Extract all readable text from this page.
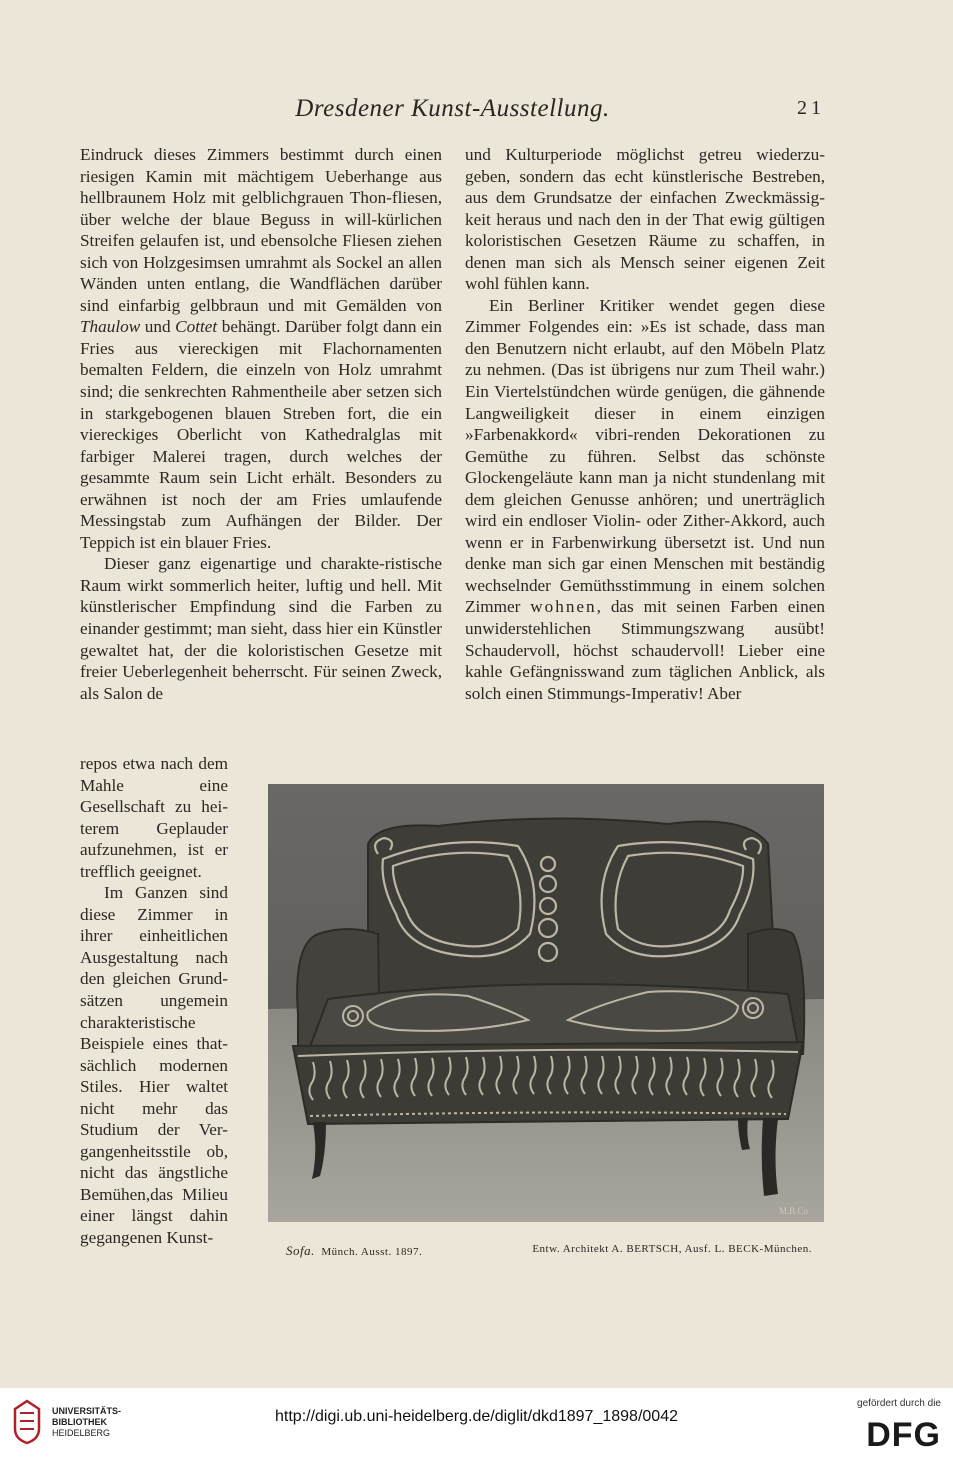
Dresdener Kunst-Ausstellung.	21

Eindruck dieses Zimmers bestimmt durch einen riesigen Kamin mit mächtigem Ueberhange aus hellbraunem Holz mit gelblichgrauen Thon-fliesen, über welche der blaue Beguss in will-kürlichen Streifen gelaufen ist, und ebensolche Fliesen ziehen sich von Holzgesimsen umrahmt als Sockel an allen Wänden unten entlang, die Wandflächen darüber sind einfarbig gelbbraun und mit Gemälden von Thaulow und Cottet behängt. Darüber folgt dann ein Fries aus viereckigen mit Flachornamenten bemalten Feldern, die einzeln von Holz umrahmt sind; die senkrechten Rahmentheile aber setzen sich in starkgebogenen blauen Streben fort, die ein viereckiges Oberlicht von Kathedralglas mit farbiger Malerei tragen, durch welches der gesammte Raum sein Licht erhält. Besonders zu erwähnen ist noch der am Fries umlaufende Messingstab zum Aufhängen der Bilder. Der Teppich ist ein blauer Fries.

Dieser ganz eigenartige und charakte-ristische Raum wirkt sommerlich heiter, luftig und hell. Mit künstlerischer Empfindung sind die Farben zu einander gestimmt; man sieht, dass hier ein Künstler gewaltet hat, der die koloristischen Gesetze mit freier Ueberlegenheit beherrscht. Für seinen Zweck, als Salon de

repos etwa nach dem Mahle eine Gesellschaft zu hei-terem Geplauder aufzunehmen, ist er trefflich geeignet.

Im Ganzen sind diese Zimmer in ihrer einheitlichen Ausgestaltung nach den gleichen Grund-sätzen ungemein charakteristische Beispiele eines that-sächlich modernen Stiles. Hier waltet nicht mehr das Studium der Ver-gangenheitsstile ob, nicht das ängstliche Bemühen,das Milieu einer längst dahin gegangenen Kunst-

und Kulturperiode möglichst getreu wiederzu-geben, sondern das echt künstlerische Bestreben, aus dem Grundsatze der einfachen Zweckmässig-keit heraus und nach den in der That ewig gültigen koloristischen Gesetzen Räume zu schaffen, in denen man sich als Mensch seiner eigenen Zeit wohl fühlen kann.

Ein Berliner Kritiker wendet gegen diese Zimmer Folgendes ein: »Es ist schade, dass man den Benutzern nicht erlaubt, auf den Möbeln Platz zu nehmen. (Das ist übrigens nur zum Theil wahr.) Ein Viertelstündchen würde genügen, die gähnende Langweiligkeit dieser in einem einzigen »Farbenakkord« vibri-renden Dekorationen zu Gemüthe zu führen. Selbst das schönste Glockengeläute kann man ja nicht stundenlang mit dem gleichen Genusse anhören; und unerträglich wird ein endloser Violin- oder Zither-Akkord, auch wenn er in Farbenwirkung übersetzt ist. Und nun denke man sich gar einen Menschen mit beständig wechselnder Gemüthsstimmung in einem solchen Zimmer wohnen, das mit seinen Farben einen unwiderstehlichen Stimmungszwang ausübt! Schaudervoll, höchst schaudervoll! Lieber eine kahle Gefängnisswand zum täglichen Anblick, als solch einen Stimmungs-Imperativ! Aber

M.B.Co
Sofa. Münch. Ausst. 1897.	Entw. Architekt A. BERTSCH, Ausf. L. BECK-München.
UNIVERSITÄTS-
BIBLIOTHEK
HEIDELBERG
http://digi.ub.uni-heidelberg.de/diglit/dkd1897_1898/0042
gefördert durch die
DFG
